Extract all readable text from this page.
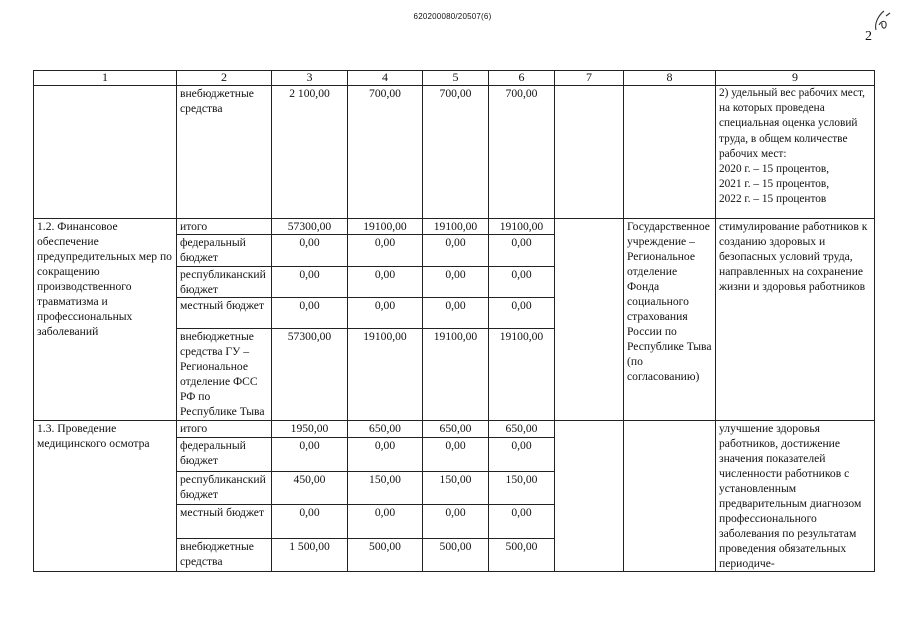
620200080/20507(6)
2
1	2	3	4	5	6	7	8	9
	внебюджетные средства	2 100,00	700,00	700,00	700,00			2) удельный вес рабочих мест, на которых проведена специальная оценка условий труда, в общем количестве рабочих мест:
2020 г. – 15 процентов,
2021 г. – 15 процентов,
2022 г. – 15 процентов
1.2. Финансовое обеспечение предупредительных мер по сокращению производственного травматизма и профессиональных заболеваний	итого	57300,00	19100,00	19100,00	19100,00		Государственное учреждение – Региональное отделение Фонда социального страхования России по Республике Тыва (по согласованию)	стимулирование работников к созданию здоровых и безопасных условий труда, направленных на сохранение жизни и здоровья работников
	федеральный бюджет	0,00	0,00	0,00	0,00			
	республиканский бюджет	0,00	0,00	0,00	0,00			
	местный бюджет	0,00	0,00	0,00	0,00			
	внебюджетные средства ГУ – Региональное отделение ФСС РФ по Республике Тыва	57300,00	19100,00	19100,00	19100,00			
1.3. Проведение медицинского осмотра	итого	1950,00	650,00	650,00	650,00			улучшение здоровья работников, достижение значения показателей численности работников с установленным предварительным диагнозом профессионального заболевания по результатам проведения обязательных периодиче-
	федеральный бюджет	0,00	0,00	0,00	0,00			
	республиканский бюджет	450,00	150,00	150,00	150,00			
	местный бюджет	0,00	0,00	0,00	0,00			
	внебюджетные средства	1 500,00	500,00	500,00	500,00			
